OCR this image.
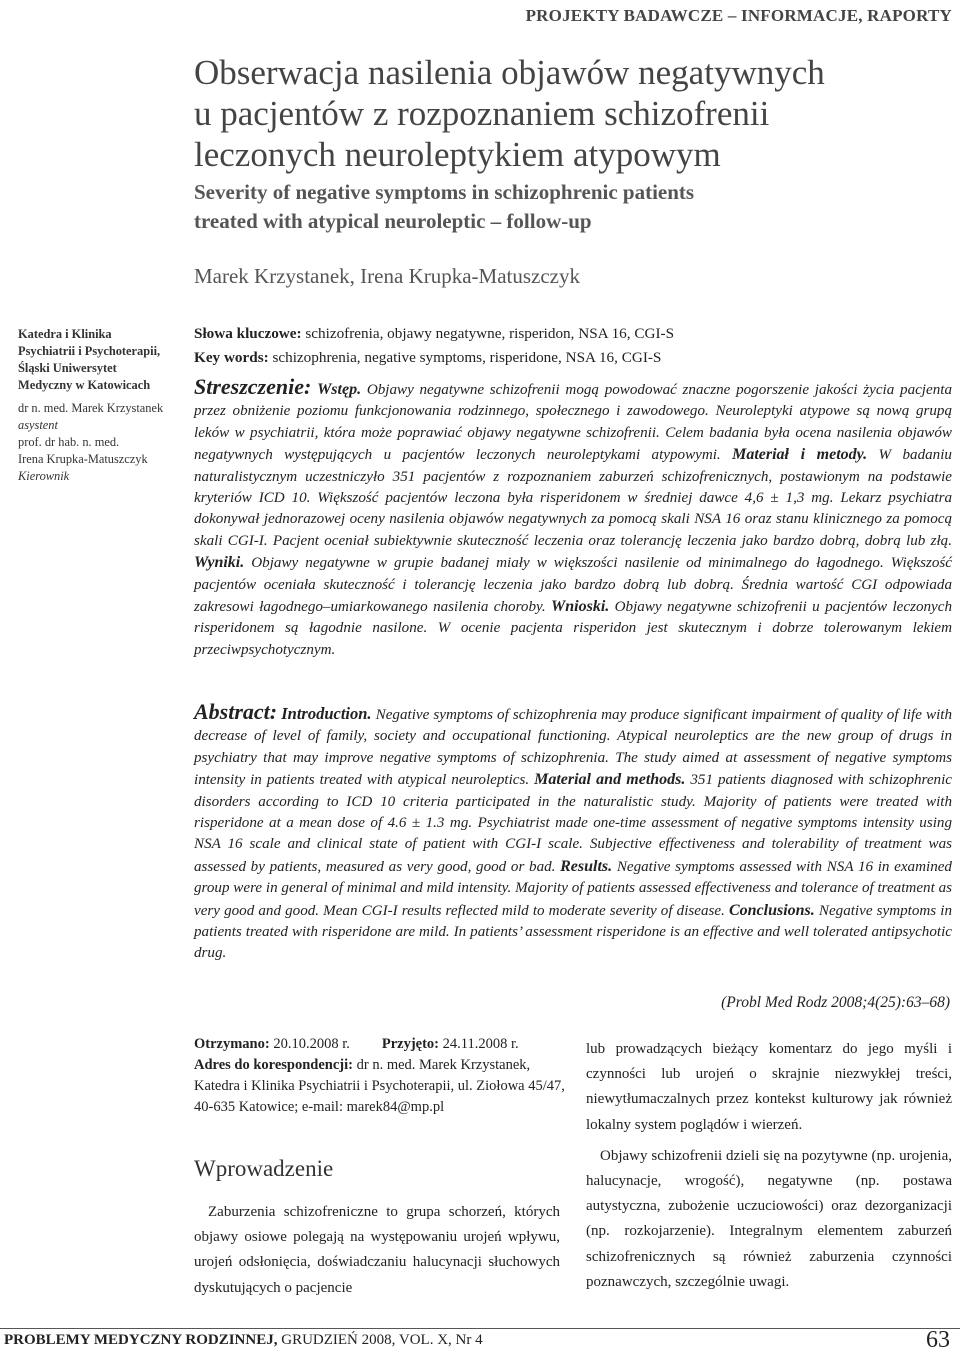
PROJEKTY BADAWCZE – INFORMACJE, RAPORTY
Obserwacja nasilenia objawów negatywnych
u pacjentów z rozpoznaniem schizofrenii
leczonych neuroleptykiem atypowym
Severity of negative symptoms in schizophrenic patients
treated with atypical neuroleptic – follow-up
Marek Krzystanek, Irena Krupka-Matuszczyk
Katedra i Klinika
Psychiatrii i Psychoterapii,
Śląski Uniwersytet
Medyczny w Katowicach
dr n. med. Marek Krzystanek
asystent
prof. dr hab. n. med.
Irena Krupka-Matuszczyk
Kierownik
Słowa kluczowe: schizofrenia, objawy negatywne, risperidon, NSA 16, CGI-S
Key words: schizophrenia, negative symptoms, risperidone, NSA 16, CGI-S
Streszczenie: Wstęp. Objawy negatywne schizofrenii mogą powodować znaczne pogorszenie jakości życia pacjenta przez obniżenie poziomu funkcjonowania rodzinnego, społecznego i zawodowego. Neuroleptyki atypowe są nową grupą leków w psychiatrii, która może poprawiać objawy negatywne schizofrenii. Celem badania była ocena nasilenia objawów negatywnych występujących u pacjentów leczonych neuroleptykami atypowymi. Materiał i metody. W badaniu naturalistycznym uczestniczyło 351 pacjentów z rozpoznaniem zaburzeń schizofrenicznych, postawionym na podstawie kryteriów ICD 10. Większość pacjentów leczona była risperidonem w średniej dawce 4,6 ± 1,3 mg. Lekarz psychiatra dokonywał jednorazowej oceny nasilenia objawów negatywnych za pomocą skali NSA 16 oraz stanu klinicznego za pomocą skali CGI-I. Pacjent oceniał subiektywnie skuteczność leczenia oraz tolerancję leczenia jako bardzo dobrą, dobrą lub złą. Wyniki. Objawy negatywne w grupie badanej miały w większości nasilenie od minimalnego do łagodnego. Większość pacjentów oceniała skuteczność i tolerancję leczenia jako bardzo dobrą lub dobrą. Średnia wartość CGI odpowiada zakresowi łagodnego–umiarkowanego nasilenia choroby. Wnioski. Objawy negatywne schizofrenii u pacjentów leczonych risperidonem są łagodnie nasilone. W ocenie pacjenta risperidon jest skutecznym i dobrze tolerowanym lekiem przeciwpsychotycznym.
Abstract: Introduction. Negative symptoms of schizophrenia may produce significant impairment of quality of life with decrease of level of family, society and occupational functioning. Atypical neuroleptics are the new group of drugs in psychiatry that may improve negative symptoms of schizophrenia. The study aimed at assessment of negative symptoms intensity in patients treated with atypical neuroleptics. Material and methods. 351 patients diagnosed with schizophrenic disorders according to ICD 10 criteria participated in the naturalistic study. Majority of patients were treated with risperidone at a mean dose of 4.6 ± 1.3 mg. Psychiatrist made one-time assessment of negative symptoms intensity using NSA 16 scale and clinical state of patient with CGI-I scale. Subjective effectiveness and tolerability of treatment was assessed by patients, measured as very good, good or bad. Results. Negative symptoms assessed with NSA 16 in examined group were in general of minimal and mild intensity. Majority of patients assessed effectiveness and tolerance of treatment as very good and good. Mean CGI-I results reflected mild to moderate severity of disease. Conclusions. Negative symptoms in patients treated with risperidone are mild. In patients’ assessment risperidone is an effective and well tolerated antipsychotic drug.
(Probl Med Rodz 2008;4(25):63–68)
Otrzymano: 20.10.2008 r. Przyjęto: 24.11.2008 r.
Adres do korespondencji: dr n. med. Marek Krzystanek, Katedra i Klinika Psychiatrii i Psychoterapii, ul. Ziołowa 45/47, 40-635 Katowice; e-mail: marek84@mp.pl
Wprowadzenie

Zaburzenia schizofreniczne to grupa schorzeń, których objawy osiowe polegają na występowaniu urojeń wpływu, urojeń odsłonięcia, doświadczaniu halucynacji słuchowych dyskutujących o pacjencie

lub prowadzących bieżący komentarz do jego myśli i czynności lub urojeń o skrajnie niezwykłej treści, niewytłumaczalnych przez kontekst kulturowy jak również lokalny system poglądów i wierzeń.

Objawy schizofrenii dzieli się na pozytywne (np. urojenia, halucynacje, wrogość), negatywne (np. postawa autystyczna, zubożenie uczuciowości) oraz dezorganizacji (np. rozkojarzenie). Integralnym elementem zaburzeń schizofrenicznych są również zaburzenia czynności poznawczych, szczególnie uwagi.

PROBLEMY MEDYCZNY RODZINNEJ, GRUDZIEŃ 2008, VOL. X, Nr 4	63
